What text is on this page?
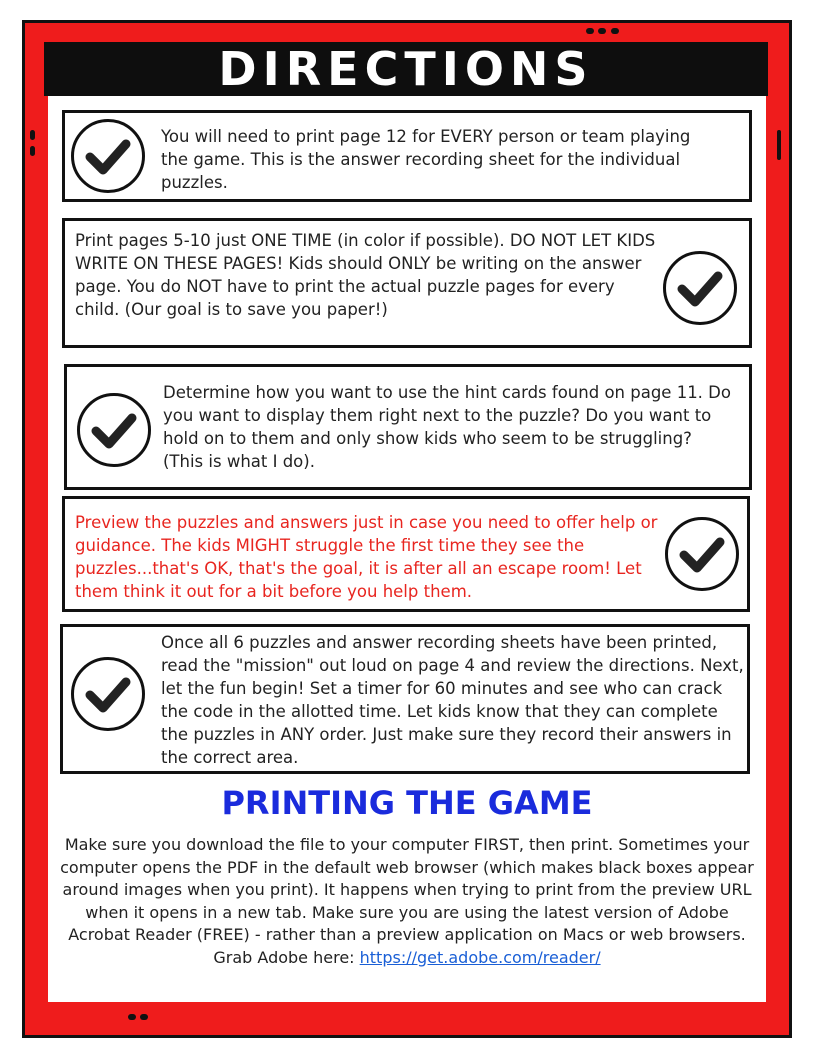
DIRECTIONS
You will need to print page 12 for EVERY person or team playing the game. This is the answer recording sheet for the individual puzzles.
Print pages 5-10 just ONE TIME (in color if possible). DO NOT LET KIDS WRITE ON THESE PAGES! Kids should ONLY be writing on the answer page. You do NOT have to print the actual puzzle pages for every child. (Our goal is to save you paper!)
Determine how you want to use the hint cards found on page 11. Do you want to display them right next to the puzzle? Do you want to hold on to them and only show kids who seem to be struggling? (This is what I do).
Preview the puzzles and answers just in case you need to offer help or guidance. The kids MIGHT struggle the first time they see the puzzles...that's OK, that's the goal, it is after all an escape room! Let them think it out for a bit before you help them.
Once all 6 puzzles and answer recording sheets have been printed, read the "mission" out loud on page 4 and review the directions. Next, let the fun begin! Set a timer for 60 minutes and see who can crack the code in the allotted time. Let kids know that they can complete the puzzles in ANY order. Just make sure they record their answers in the correct area.
PRINTING THE GAME
Make sure you download the file to your computer FIRST, then print. Sometimes your computer opens the PDF in the default web browser (which makes black boxes appear around images when you print). It happens when trying to print from the preview URL when it opens in a new tab. Make sure you are using the latest version of Adobe Acrobat Reader (FREE) - rather than a preview application on Macs or web browsers.
Grab Adobe here: https://get.adobe.com/reader/
